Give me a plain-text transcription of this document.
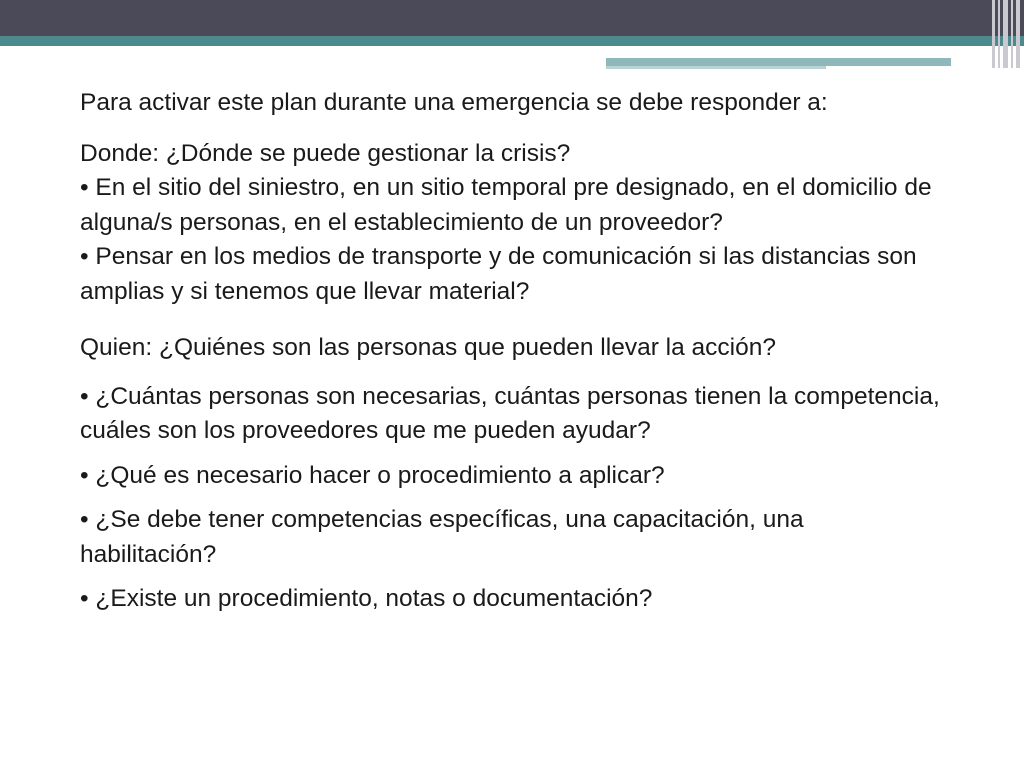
Para activar este plan durante una emergencia se debe responder a:

Donde: ¿Dónde se puede gestionar la crisis?

• En el sitio del siniestro, en un sitio temporal pre designado, en el domicilio de alguna/s personas, en el establecimiento de un proveedor?

• Pensar en los medios de transporte y de comunicación si las distancias son amplias y si tenemos que llevar material?

Quien: ¿Quiénes son las personas que pueden llevar la acción?

• ¿Cuántas personas son necesarias, cuántas personas tienen la competencia, cuáles son los proveedores que me pueden ayudar?

• ¿Qué es necesario hacer o procedimiento a aplicar?

• ¿Se debe tener competencias específicas, una capacitación, una habilitación?

• ¿Existe un procedimiento, notas o documentación?
